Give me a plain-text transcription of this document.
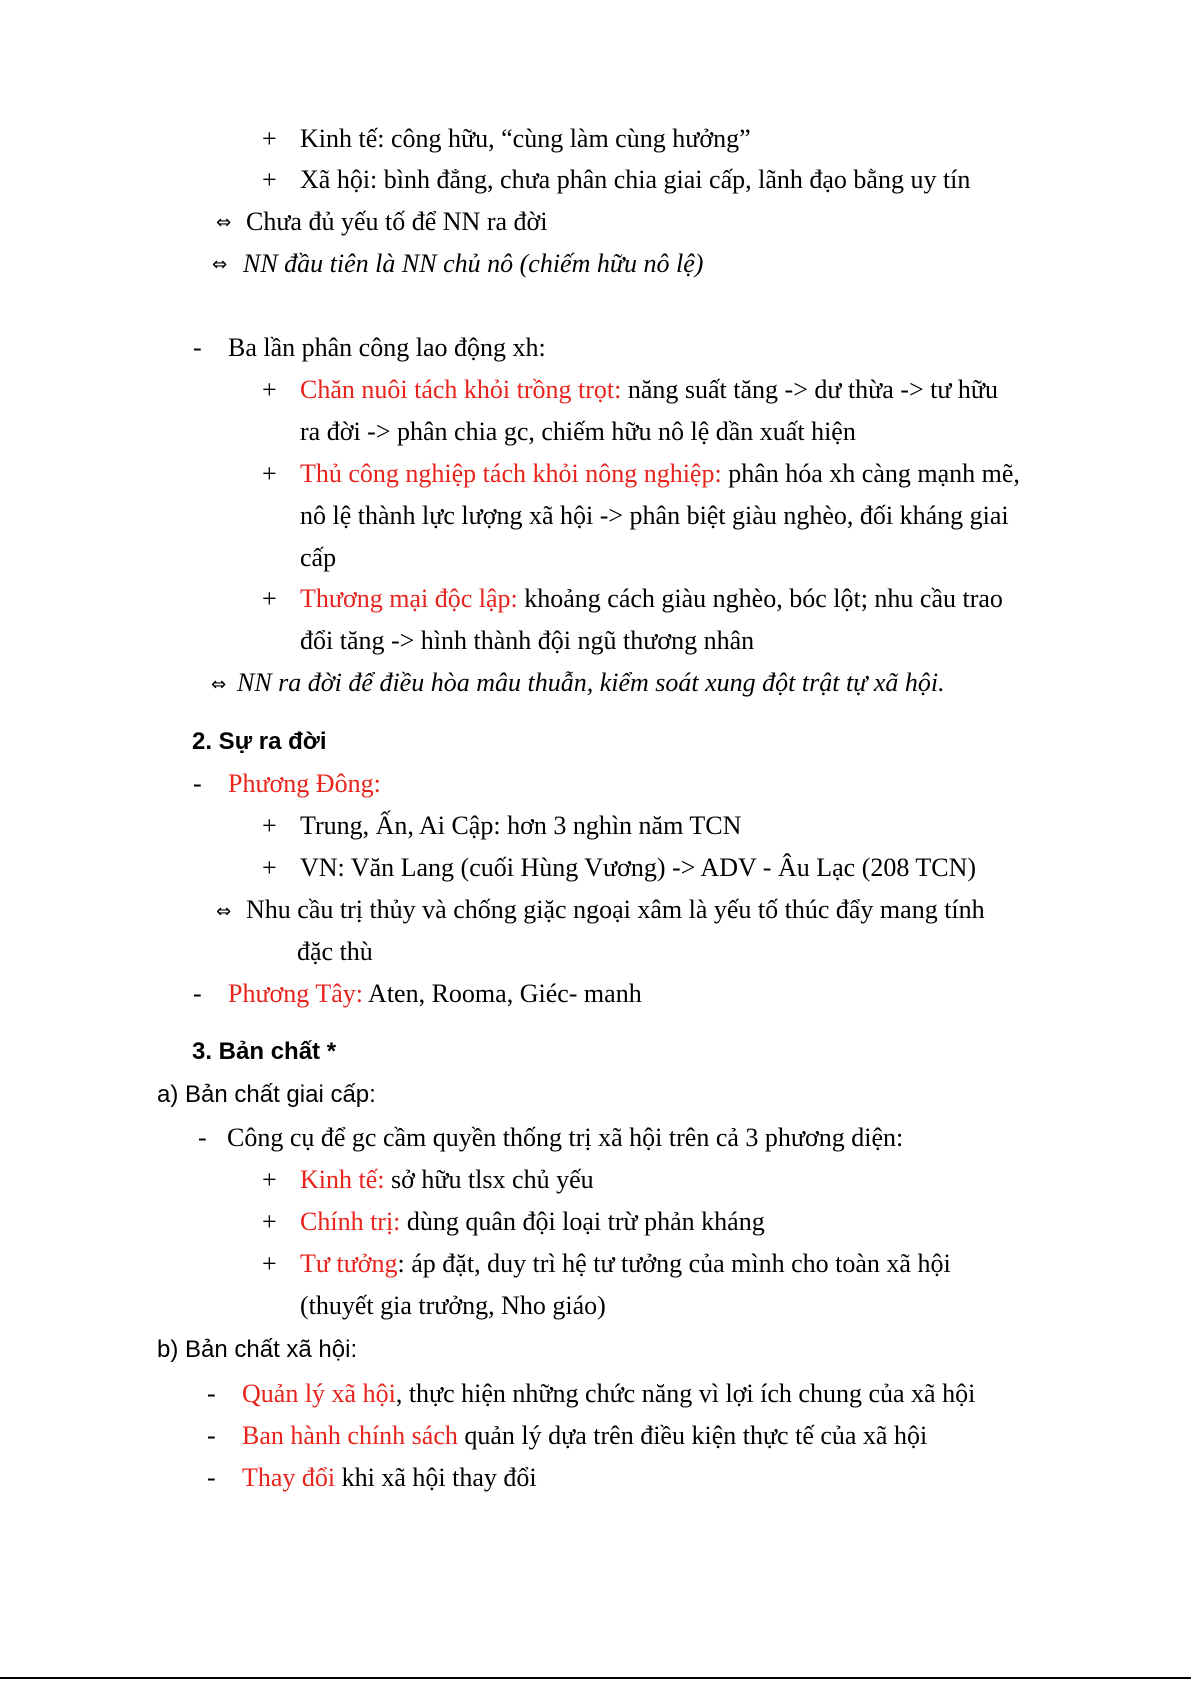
+ Kinh tế: công hữu, “cùng làm cùng hưởng”
+ Xã hội: bình đẳng, chưa phân chia giai cấp, lãnh đạo bằng uy tín
⇔ Chưa đủ yếu tố để NN ra đời
⇔ NN đầu tiên là NN chủ nô (chiếm hữu nô lệ)
- Ba lần phân công lao động xh:
+ Chăn nuôi tách khỏi trồng trọt: năng suất tăng -> dư thừa -> tư hữu
ra đời -> phân chia gc, chiếm hữu nô lệ dần xuất hiện
+ Thủ công nghiệp tách khỏi nông nghiệp: phân hóa xh càng mạnh mẽ,
nô lệ thành lực lượng xã hội -> phân biệt giàu nghèo, đối kháng giai
cấp
+ Thương mại độc lập: khoảng cách giàu nghèo, bóc lột; nhu cầu trao
đổi tăng -> hình thành đội ngũ thương nhân
⇔ NN ra đời để điều hòa mâu thuẫn, kiểm soát xung đột trật tự xã hội.
2. Sự ra đời
- Phương Đông:
+ Trung, Ấn, Ai Cập: hơn 3 nghìn năm TCN
+ VN: Văn Lang (cuối Hùng Vương) -> ADV - Âu Lạc (208 TCN)
⇔ Nhu cầu trị thủy và chống giặc ngoại xâm là yếu tố thúc đẩy mang tính
đặc thù
- Phương Tây: Aten, Rooma, Giéc- manh
3. Bản chất *
a) Bản chất giai cấp:
- Công cụ để gc cầm quyền thống trị xã hội trên cả 3 phương diện:
+ Kinh tế: sở hữu tlsx chủ yếu
+ Chính trị: dùng quân đội loại trừ phản kháng
+ Tư tưởng: áp đặt, duy trì hệ tư tưởng của mình cho toàn xã hội
(thuyết gia trưởng, Nho giáo)
b) Bản chất xã hội:
- Quản lý xã hội, thực hiện những chức năng vì lợi ích chung của xã hội
- Ban hành chính sách quản lý dựa trên điều kiện thực tế của xã hội
- Thay đổi khi xã hội thay đổi
